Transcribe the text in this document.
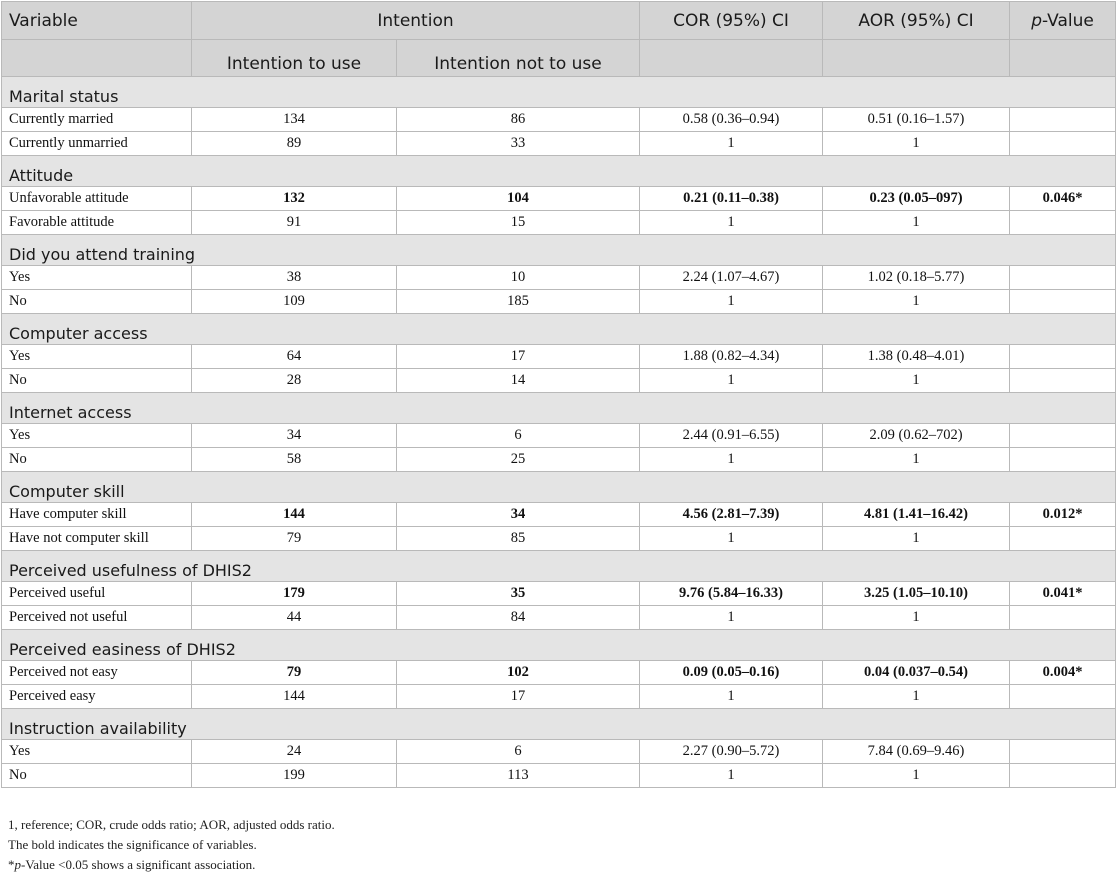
Variable	Intention		COR (95%) CI	AOR (95%) CI	p-Value
	Intention to use	Intention not to use			
Marital status					
Currently married	134	86	0.58 (0.36–0.94)	0.51 (0.16–1.57)	
Currently unmarried	89	33	1	1	
Attitude					
Unfavorable attitude	132	104	0.21 (0.11–0.38)	0.23 (0.05–097)	0.046*
Favorable attitude	91	15	1	1	
Did you attend training					
Yes	38	10	2.24 (1.07–4.67)	1.02 (0.18–5.77)	
No	109	185	1	1	
Computer access					
Yes	64	17	1.88 (0.82–4.34)	1.38 (0.48–4.01)	
No	28	14	1	1	
Internet access					
Yes	34	6	2.44 (0.91–6.55)	2.09 (0.62–702)	
No	58	25	1	1	
Computer skill					
Have computer skill	144	34	4.56 (2.81–7.39)	4.81 (1.41–16.42)	0.012*
Have not computer skill	79	85	1	1	
Perceived usefulness of DHIS2					
Perceived useful	179	35	9.76 (5.84–16.33)	3.25 (1.05–10.10)	0.041*
Perceived not useful	44	84	1	1	
Perceived easiness of DHIS2					
Perceived not easy	79	102	0.09 (0.05–0.16)	0.04 (0.037–0.54)	0.004*
Perceived easy	144	17	1	1	
Instruction availability					
Yes	24	6	2.27 (0.90–5.72)	7.84 (0.69–9.46)	
No	199	113	1	1	
1, reference; COR, crude odds ratio; AOR, adjusted odds ratio.
The bold indicates the significance of variables.
*p-Value <0.05 shows a significant association.
